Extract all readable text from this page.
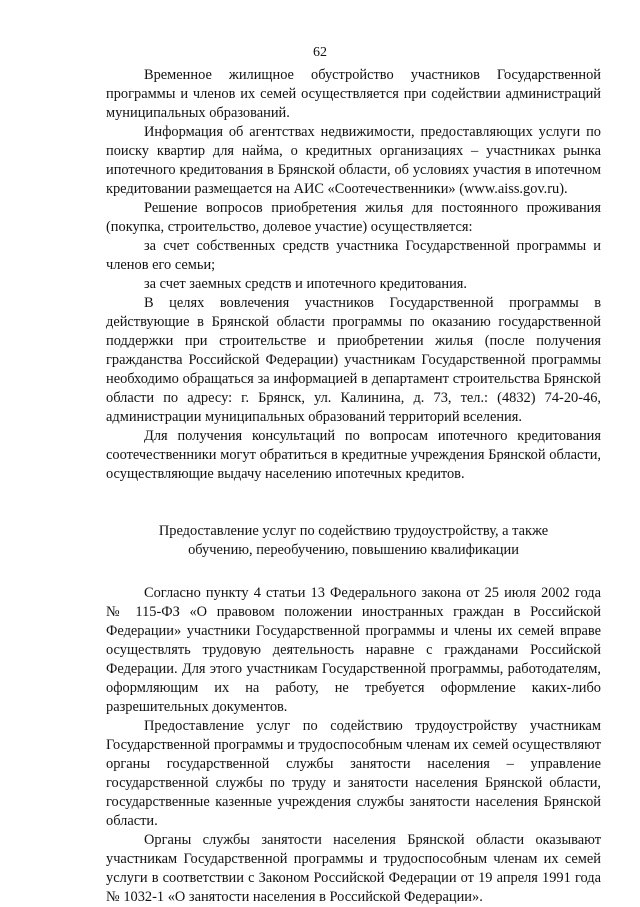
62

Временное жилищное обустройство участников Государственной программы и членов их семей осуществляется при содействии администраций муниципальных образований.

Информация об агентствах недвижимости, предоставляющих услуги по поиску квартир для найма, о кредитных организациях – участниках рынка ипотечного кредитования в Брянской области, об условиях участия в ипотечном кредитовании размещается на АИС «Соотечественники» (www.aiss.gov.ru).

Решение вопросов приобретения жилья для постоянного проживания (покупка, строительство, долевое участие) осуществляется:

за счет собственных средств участника Государственной программы и членов его семьи;

за счет заемных средств и ипотечного кредитования.

В целях вовлечения участников Государственной программы в действующие в Брянской области программы по оказанию государственной поддержки при строительстве и приобретении жилья (после получения гражданства Российской Федерации) участникам Государственной программы необходимо обращаться за информацией в департамент строительства Брянской области по адресу: г. Брянск, ул. Калинина, д. 73, тел.: (4832) 74-20-46, администрации муниципальных образований территорий вселения.

Для получения консультаций по вопросам ипотечного кредитования соотечественники могут обратиться в кредитные учреждения Брянской области, осуществляющие выдачу населению ипотечных кредитов.

Предоставление услуг по содействию трудоустройству, а также
обучению, переобучению, повышению квалификации

Согласно пункту 4 статьи 13 Федерального закона от 25 июля 2002 года № 115-ФЗ «О правовом положении иностранных граждан в Российской Федерации» участники Государственной программы и члены их семей вправе осуществлять трудовую деятельность наравне с гражданами Российской Федерации. Для этого участникам Государственной программы, работодателям, оформляющим их на работу, не требуется оформление каких-либо разрешительных документов.

Предоставление услуг по содействию трудоустройству участникам Государственной программы и трудоспособным членам их семей осуществляют органы государственной службы занятости населения – управление государственной службы по труду и занятости населения Брянской области, государственные казенные учреждения службы занятости населения Брянской области.

Органы службы занятости населения Брянской области оказывают участникам Государственной программы и трудоспособным членам их семей услуги в соответствии с Законом Российской Федерации от 19 апреля 1991 года № 1032-1 «О занятости населения в Российской Федерации».
